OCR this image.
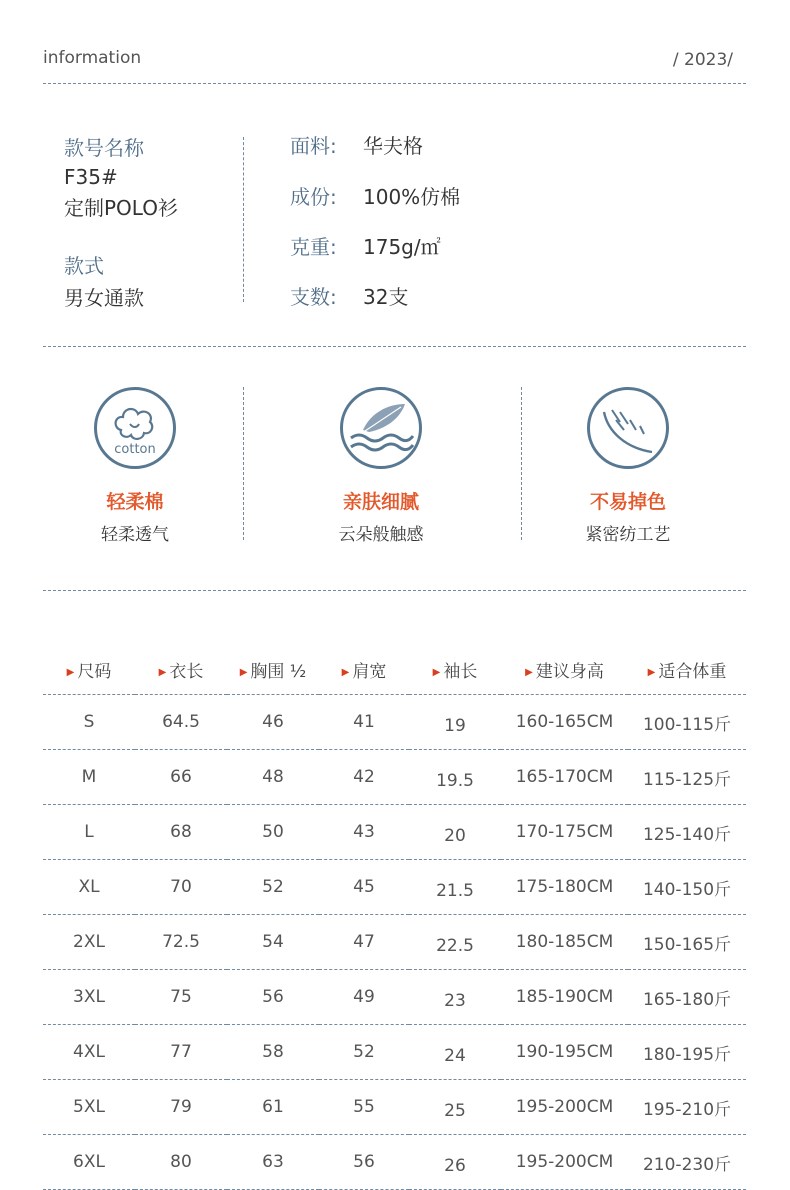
information	/ 2023/
款号名称
F35#
定制POLO衫
款式
男女通款
面料: 华夫格
成份: 100%仿棉
克重: 175g/㎡
支数: 32支
cotton
轻柔棉
轻柔透气
亲肤细腻
云朵般触感
不易掉色
紧密纺工艺
▶ 尺码	▶ 衣长	▶ 胸围 ½	▶ 肩宽	▶ 袖长	▶ 建议身高	▶ 适合体重
S	64.5	46	41	19	160-165CM	100-115斤
M	66	48	42	19.5	165-170CM	115-125斤
L	68	50	43	20	170-175CM	125-140斤
XL	70	52	45	21.5	175-180CM	140-150斤
2XL	72.5	54	47	22.5	180-185CM	150-165斤
3XL	75	56	49	23	185-190CM	165-180斤
4XL	77	58	52	24	190-195CM	180-195斤
5XL	79	61	55	25	195-200CM	195-210斤
6XL	80	63	56	26	195-200CM	210-230斤
